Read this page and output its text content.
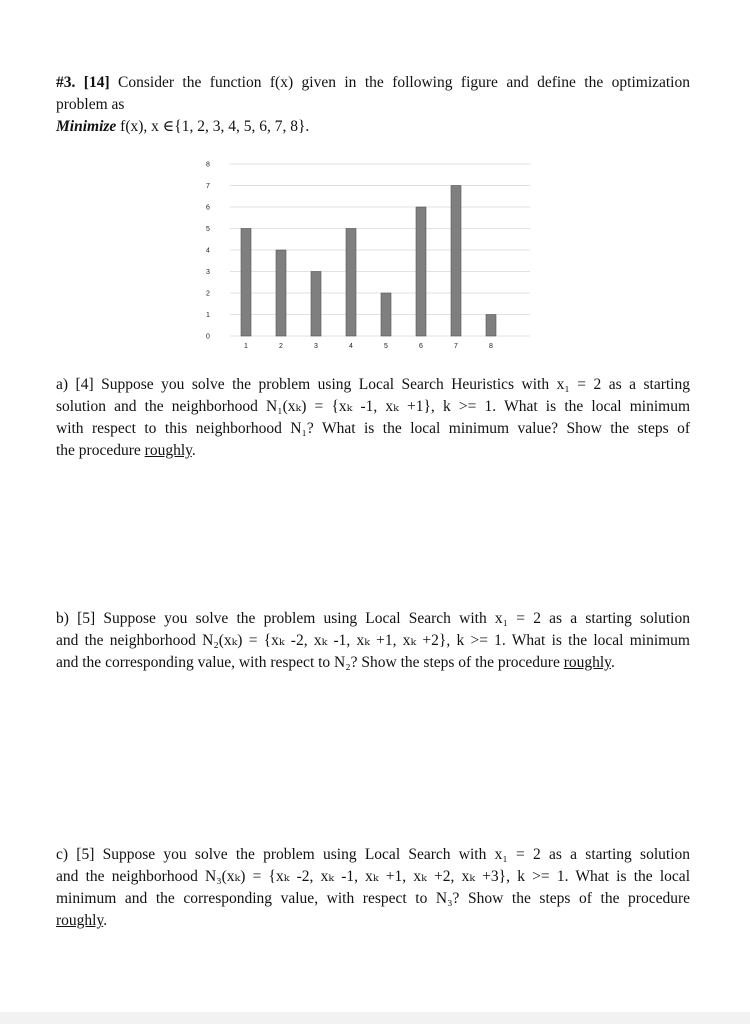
#3. [14] Consider the function f(x) given in the following figure and define the optimization
problem as
Minimize f(x), x ∈{1, 2, 3, 4, 5, 6, 7, 8}.
0
1
2
3
4
5
6
7
8
1	2	3	4	5	6	7	8
a) [4] Suppose you solve the problem using Local Search Heuristics with x₁ = 2 as a starting
solution and the neighborhood N₁(xₖ) = {xₖ -1, xₖ +1}, k >= 1. What is the local minimum
with respect to this neighborhood N₁? What is the local minimum value? Show the steps of
the procedure roughly.
b) [5] Suppose you solve the problem using Local Search with x₁ = 2 as a starting solution
and the neighborhood N₂(xₖ) = {xₖ -2, xₖ -1, xₖ +1, xₖ +2}, k >= 1. What is the local minimum
and the corresponding value, with respect to N₂? Show the steps of the procedure roughly.
c) [5] Suppose you solve the problem using Local Search with x₁ = 2 as a starting solution
and the neighborhood N₃(xₖ) = {xₖ -2, xₖ -1, xₖ +1, xₖ +2, xₖ +3}, k >= 1. What is the local
minimum and the corresponding value, with respect to N₃? Show the steps of the procedure
roughly.
